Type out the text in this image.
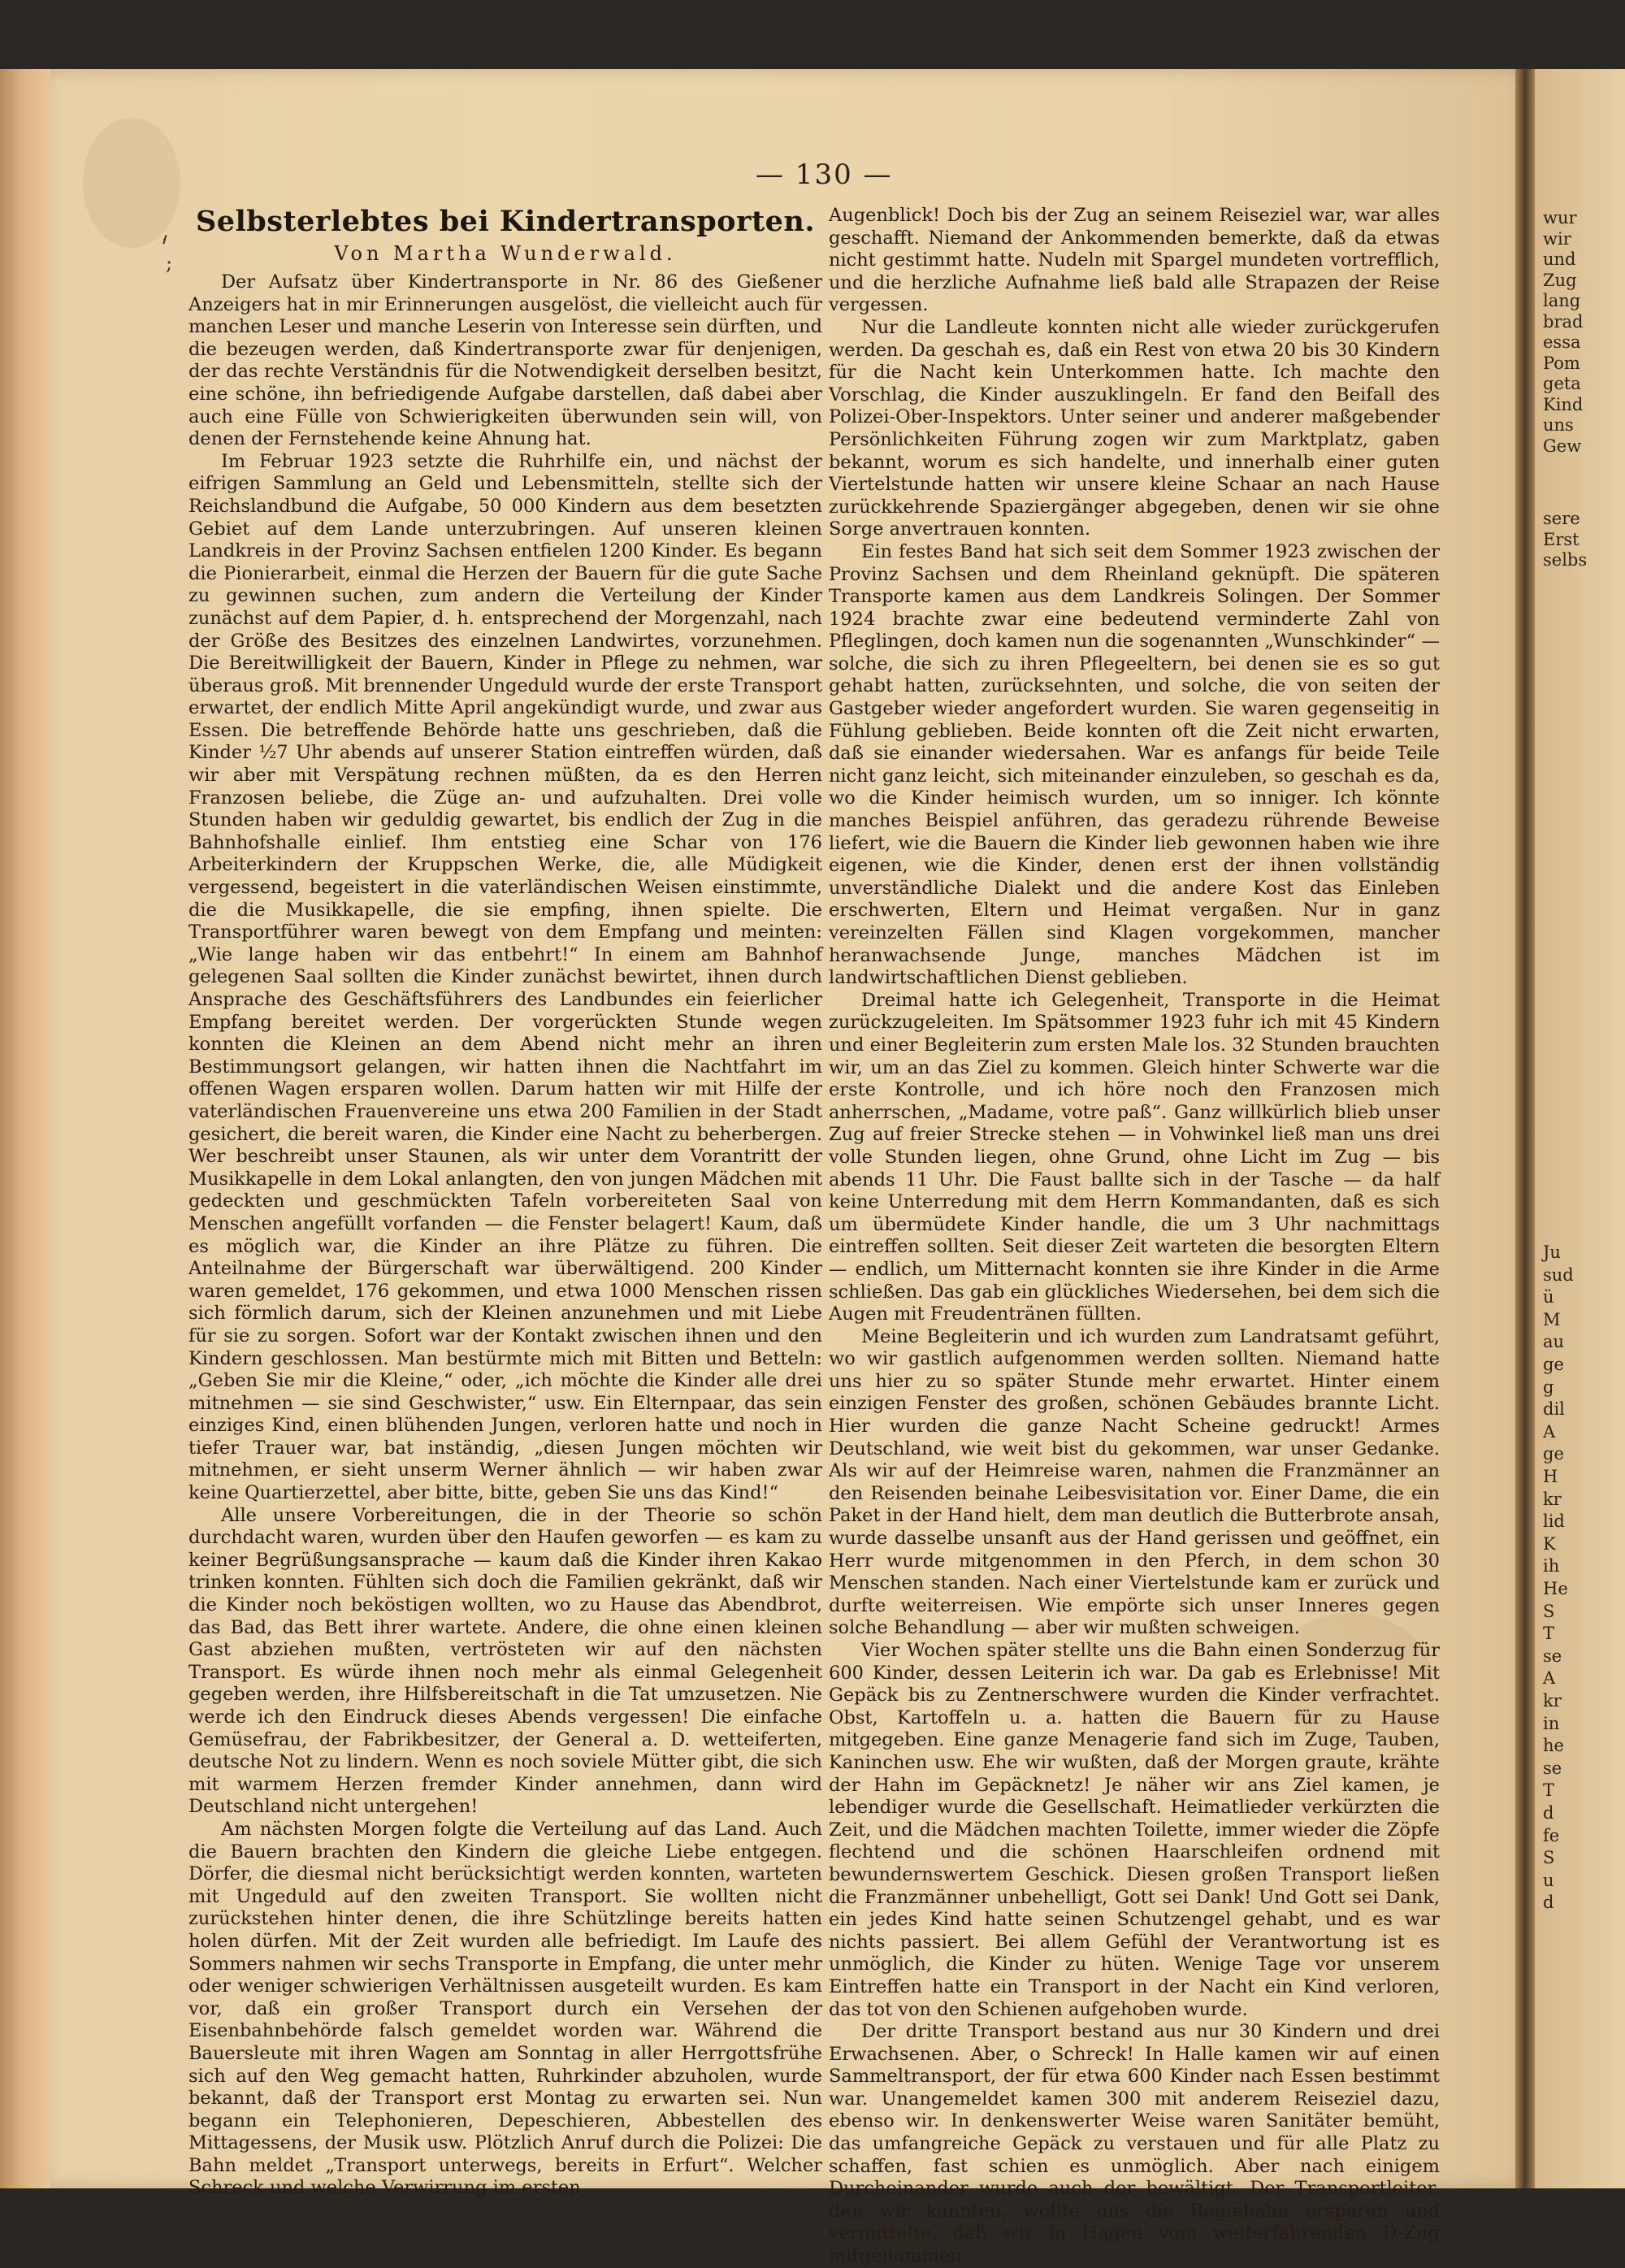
,
‘
;
— 130 —
Selbsterlebtes bei Kindertransporten.
Von Martha Wunderwald.

Der Aufsatz über Kindertransporte in Nr. 86 des Gießener Anzeigers hat in mir Erinnerungen ausgelöst, die vielleicht auch für manchen Leser und manche Leserin von Interesse sein dürften, und die bezeugen werden, daß Kindertransporte zwar für denjenigen, der das rechte Verständnis für die Notwendigkeit derselben besitzt, eine schöne, ihn befriedigende Aufgabe darstellen, daß dabei aber auch eine Fülle von Schwierigkeiten überwunden sein will, von denen der Fernstehende keine Ahnung hat.

Im Februar 1923 setzte die Ruhrhilfe ein, und nächst der eifrigen Sammlung an Geld und Lebensmitteln, stellte sich der Reichslandbund die Aufgabe, 50 000 Kindern aus dem besetzten Gebiet auf dem Lande unterzubringen. Auf unseren kleinen Landkreis in der Provinz Sachsen entfielen 1200 Kinder. Es begann die Pionierarbeit, einmal die Herzen der Bauern für die gute Sache zu gewinnen suchen, zum andern die Verteilung der Kinder zunächst auf dem Papier, d. h. entsprechend der Morgenzahl, nach der Größe des Besitzes des einzelnen Landwirtes, vorzunehmen. Die Bereitwilligkeit der Bauern, Kinder in Pflege zu nehmen, war überaus groß. Mit brennender Ungeduld wurde der erste Transport erwartet, der endlich Mitte April angekündigt wurde, und zwar aus Essen. Die betreffende Behörde hatte uns geschrieben, daß die Kinder ½7 Uhr abends auf unserer Station eintreffen würden, daß wir aber mit Verspätung rechnen müßten, da es den Herren Franzosen beliebe, die Züge an- und aufzuhalten. Drei volle Stunden haben wir geduldig gewartet, bis endlich der Zug in die Bahnhofshalle einlief. Ihm entstieg eine Schar von 176 Arbeiterkindern der Kruppschen Werke, die, alle Müdigkeit vergessend, begeistert in die vaterländischen Weisen einstimmte, die die Musikkapelle, die sie empfing, ihnen spielte. Die Transportführer waren bewegt von dem Empfang und meinten: „Wie lange haben wir das entbehrt!“ In einem am Bahnhof gelegenen Saal sollten die Kinder zunächst bewirtet, ihnen durch Ansprache des Geschäftsführers des Landbundes ein feierlicher Empfang bereitet werden. Der vorgerückten Stunde wegen konnten die Kleinen an dem Abend nicht mehr an ihren Bestimmungsort gelangen, wir hatten ihnen die Nachtfahrt im offenen Wagen ersparen wollen. Darum hatten wir mit Hilfe der vaterländischen Frauenvereine uns etwa 200 Familien in der Stadt gesichert, die bereit waren, die Kinder eine Nacht zu beherbergen. Wer beschreibt unser Staunen, als wir unter dem Vorantritt der Musikkapelle in dem Lokal anlangten, den von jungen Mädchen mit gedeckten und geschmückten Tafeln vorbereiteten Saal von Menschen angefüllt vorfanden — die Fenster belagert! Kaum, daß es möglich war, die Kinder an ihre Plätze zu führen. Die Anteilnahme der Bürgerschaft war überwältigend. 200 Kinder waren gemeldet, 176 gekommen, und etwa 1000 Menschen rissen sich förmlich darum, sich der Kleinen anzunehmen und mit Liebe für sie zu sorgen. Sofort war der Kontakt zwischen ihnen und den Kindern geschlossen. Man bestürmte mich mit Bitten und Betteln: „Geben Sie mir die Kleine,“ oder, „ich möchte die Kinder alle drei mitnehmen — sie sind Geschwister,“ usw. Ein Elternpaar, das sein einziges Kind, einen blühenden Jungen, verloren hatte und noch in tiefer Trauer war, bat inständig, „diesen Jungen möchten wir mitnehmen, er sieht unserm Werner ähnlich — wir haben zwar keine Quartierzettel, aber bitte, bitte, geben Sie uns das Kind!“

Alle unsere Vorbereitungen, die in der Theorie so schön durchdacht waren, wurden über den Haufen geworfen — es kam zu keiner Begrüßungsansprache — kaum daß die Kinder ihren Kakao trinken konnten. Fühlten sich doch die Familien gekränkt, daß wir die Kinder noch beköstigen wollten, wo zu Hause das Abendbrot, das Bad, das Bett ihrer wartete. Andere, die ohne einen kleinen Gast abziehen mußten, vertrösteten wir auf den nächsten Transport. Es würde ihnen noch mehr als einmal Gelegenheit gegeben werden, ihre Hilfsbereitschaft in die Tat umzusetzen. Nie werde ich den Eindruck dieses Abends vergessen! Die einfache Gemüsefrau, der Fabrikbesitzer, der General a. D. wetteiferten, deutsche Not zu lindern. Wenn es noch soviele Mütter gibt, die sich mit warmem Herzen fremder Kinder annehmen, dann wird Deutschland nicht untergehen!

Am nächsten Morgen folgte die Verteilung auf das Land. Auch die Bauern brachten den Kindern die gleiche Liebe entgegen. Dörfer, die diesmal nicht berücksichtigt werden konnten, warteten mit Ungeduld auf den zweiten Transport. Sie wollten nicht zurückstehen hinter denen, die ihre Schützlinge bereits hatten holen dürfen. Mit der Zeit wurden alle befriedigt. Im Laufe des Sommers nahmen wir sechs Transporte in Empfang, die unter mehr oder weniger schwierigen Verhältnissen ausgeteilt wurden. Es kam vor, daß ein großer Transport durch ein Versehen der Eisenbahnbehörde falsch gemeldet worden war. Während die Bauersleute mit ihren Wagen am Sonntag in aller Herrgottsfrühe sich auf den Weg gemacht hatten, Ruhrkinder abzuholen, wurde bekannt, daß der Transport erst Montag zu erwarten sei. Nun begann ein Telephonieren, Depeschieren, Abbestellen des Mittagessens, der Musik usw. Plötzlich Anruf durch die Polizei: Die Bahn meldet „Transport unterwegs, bereits in Erfurt“. Welcher Schreck und welche Verwirrung im ersten

Augenblick! Doch bis der Zug an seinem Reiseziel war, war alles geschafft. Niemand der Ankommenden bemerkte, daß da etwas nicht gestimmt hatte. Nudeln mit Spargel mundeten vortrefflich, und die herzliche Aufnahme ließ bald alle Strapazen der Reise vergessen.

Nur die Landleute konnten nicht alle wieder zurückgerufen werden. Da geschah es, daß ein Rest von etwa 20 bis 30 Kindern für die Nacht kein Unterkommen hatte. Ich machte den Vorschlag, die Kinder auszuklingeln. Er fand den Beifall des Polizei-Ober-Inspektors. Unter seiner und anderer maßgebender Persönlichkeiten Führung zogen wir zum Marktplatz, gaben bekannt, worum es sich handelte, und innerhalb einer guten Viertelstunde hatten wir unsere kleine Schaar an nach Hause zurückkehrende Spaziergänger abgegeben, denen wir sie ohne Sorge anvertrauen konnten.

Ein festes Band hat sich seit dem Sommer 1923 zwischen der Provinz Sachsen und dem Rheinland geknüpft. Die späteren Transporte kamen aus dem Landkreis Solingen. Der Sommer 1924 brachte zwar eine bedeutend verminderte Zahl von Pfleglingen, doch kamen nun die sogenannten „Wunschkinder“ — solche, die sich zu ihren Pflegeeltern, bei denen sie es so gut gehabt hatten, zurücksehnten, und solche, die von seiten der Gastgeber wieder angefordert wurden. Sie waren gegenseitig in Fühlung geblieben. Beide konnten oft die Zeit nicht erwarten, daß sie einander wiedersahen. War es anfangs für beide Teile nicht ganz leicht, sich miteinander einzuleben, so geschah es da, wo die Kinder heimisch wurden, um so inniger. Ich könnte manches Beispiel anführen, das geradezu rührende Beweise liefert, wie die Bauern die Kinder lieb gewonnen haben wie ihre eigenen, wie die Kinder, denen erst der ihnen vollständig unverständliche Dialekt und die andere Kost das Einleben erschwerten, Eltern und Heimat vergaßen. Nur in ganz vereinzelten Fällen sind Klagen vorgekommen, mancher heranwachsende Junge, manches Mädchen ist im landwirtschaftlichen Dienst geblieben.

Dreimal hatte ich Gelegenheit, Transporte in die Heimat zurückzugeleiten. Im Spätsommer 1923 fuhr ich mit 45 Kindern und einer Begleiterin zum ersten Male los. 32 Stunden brauchten wir, um an das Ziel zu kommen. Gleich hinter Schwerte war die erste Kontrolle, und ich höre noch den Franzosen mich anherrschen, „Madame, votre paß“. Ganz willkürlich blieb unser Zug auf freier Strecke stehen — in Vohwinkel ließ man uns drei volle Stunden liegen, ohne Grund, ohne Licht im Zug — bis abends 11 Uhr. Die Faust ballte sich in der Tasche — da half keine Unterredung mit dem Herrn Kommandanten, daß es sich um übermüdete Kinder handle, die um 3 Uhr nachmittags eintreffen sollten. Seit dieser Zeit warteten die besorgten Eltern — endlich, um Mitternacht konnten sie ihre Kinder in die Arme schließen. Das gab ein glückliches Wiedersehen, bei dem sich die Augen mit Freudentränen füllten.

Meine Begleiterin und ich wurden zum Landratsamt geführt, wo wir gastlich aufgenommen werden sollten. Niemand hatte uns hier zu so später Stunde mehr erwartet. Hinter einem einzigen Fenster des großen, schönen Gebäudes brannte Licht. Hier wurden die ganze Nacht Scheine gedruckt! Armes Deutschland, wie weit bist du gekommen, war unser Gedanke. Als wir auf der Heimreise waren, nahmen die Franzmänner an den Reisenden beinahe Leibesvisitation vor. Einer Dame, die ein Paket in der Hand hielt, dem man deutlich die Butterbrote ansah, wurde dasselbe unsanft aus der Hand gerissen und geöffnet, ein Herr wurde mitgenommen in den Pferch, in dem schon 30 Menschen standen. Nach einer Viertelstunde kam er zurück und durfte weiterreisen. Wie empörte sich unser Inneres gegen solche Behandlung — aber wir mußten schweigen.

Vier Wochen später stellte uns die Bahn einen Sonderzug für 600 Kinder, dessen Leiterin ich war. Da gab es Erlebnisse! Mit Gepäck bis zu Zentnerschwere wurden die Kinder verfrachtet. Obst, Kartoffeln u. a. hatten die Bauern für zu Hause mitgegeben. Eine ganze Menagerie fand sich im Zuge, Tauben, Kaninchen usw. Ehe wir wußten, daß der Morgen graute, krähte der Hahn im Gepäcknetz! Je näher wir ans Ziel kamen, je lebendiger wurde die Gesellschaft. Heimatlieder verkürzten die Zeit, und die Mädchen machten Toilette, immer wieder die Zöpfe flechtend und die schönen Haarschleifen ordnend mit bewundernswertem Geschick. Diesen großen Transport ließen die Franzmänner unbehelligt, Gott sei Dank! Und Gott sei Dank, ein jedes Kind hatte seinen Schutzengel gehabt, und es war nichts passiert. Bei allem Gefühl der Verantwortung ist es unmöglich, die Kinder zu hüten. Wenige Tage vor unserem Eintreffen hatte ein Transport in der Nacht ein Kind verloren, das tot von den Schienen aufgehoben wurde.

Der dritte Transport bestand aus nur 30 Kindern und drei Erwachsenen. Aber, o Schreck! In Halle kamen wir auf einen Sammeltransport, der für etwa 600 Kinder nach Essen bestimmt war. Unangemeldet kamen 300 mit anderem Reiseziel dazu, ebenso wir. In denkenswerter Weise waren Sanitäter bemüht, das umfangreiche Gepäck zu verstauen und für alle Platz zu schaffen, fast schien es unmöglich. Aber nach einigem Durcheinander wurde auch der bewältigt. Der Transportleiter, den wir kannten, wollte uns die Regiebahn ersparen und vermittelte, daß wir in Hagen vom weiterfahrenden D-Zug mitgenommen

wur
wir
und
Zug
lang
brad
essa
Pom
geta
Kind
uns
Gew
sere
Erst
selbs
Ju
sud
ü
M
au
ge
g
dil
A
ge
H
kr
lid
K
ih
He
S
T
se
A
kr
in
he
se
T
d
fe
S
u
d
